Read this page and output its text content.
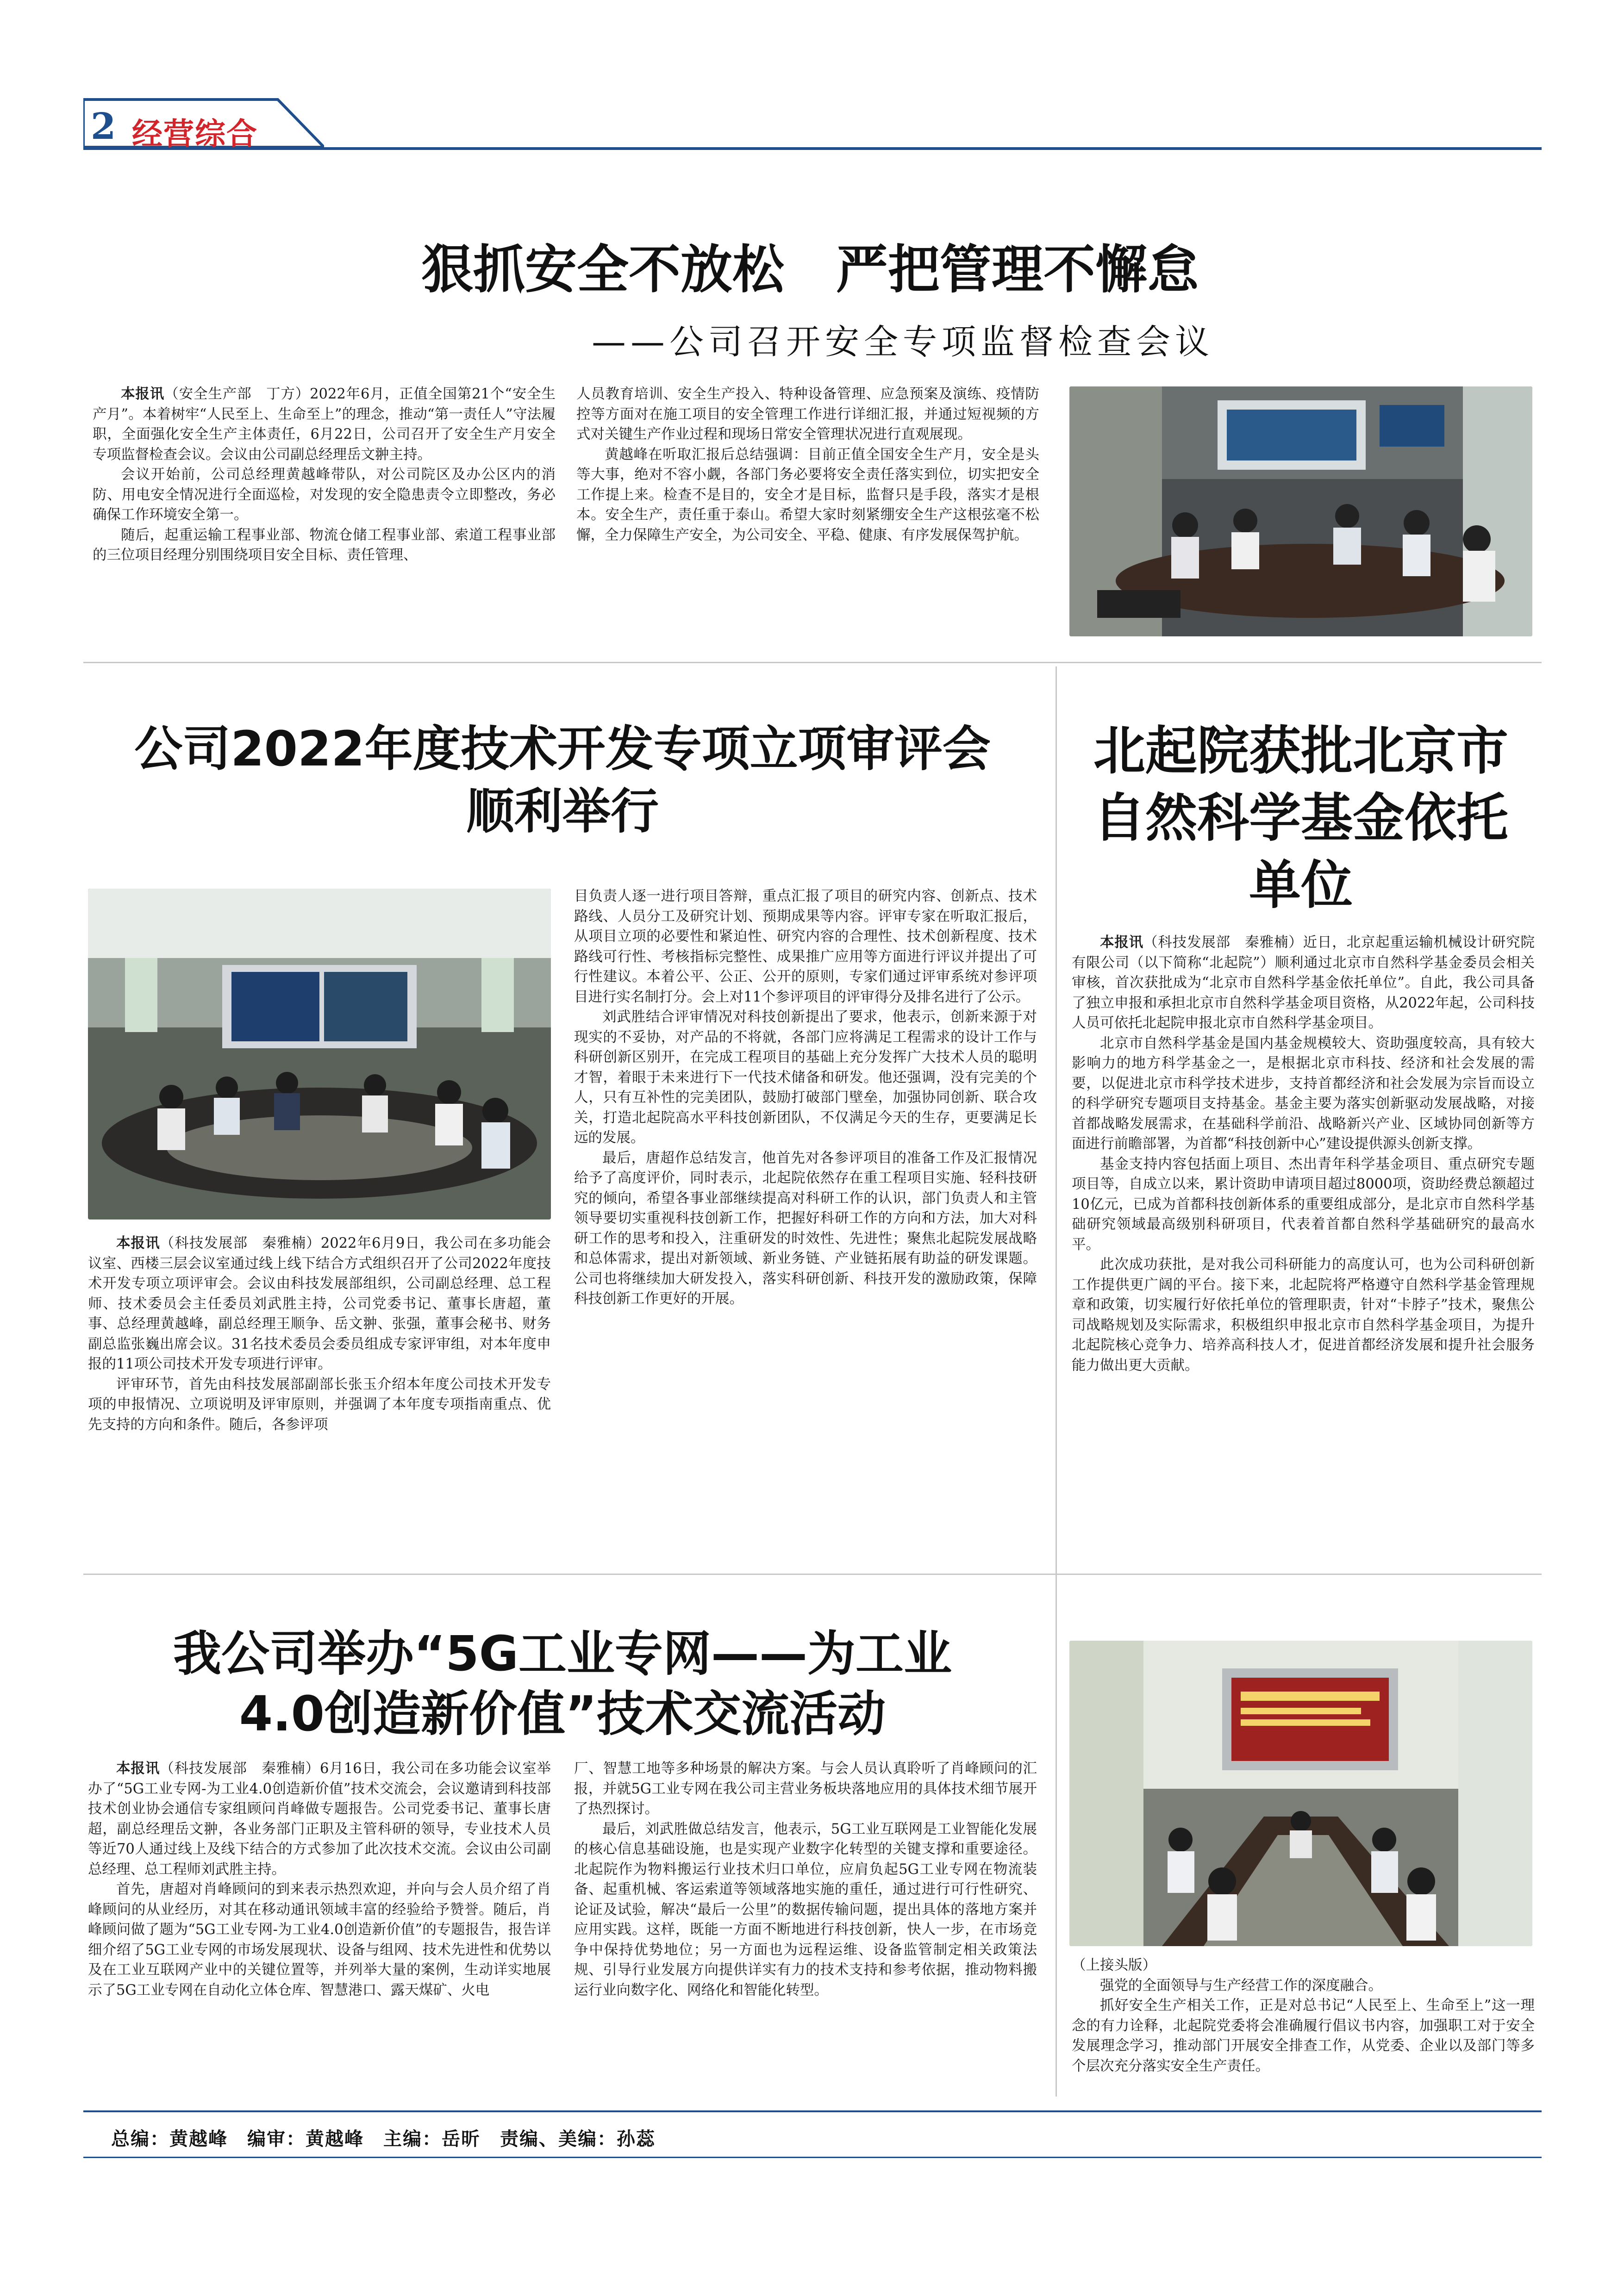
2 经营综合
狠抓安全不放松　严把管理不懈怠
——公司召开安全专项监督检查会议

本报讯（安全生产部　丁方）2022年6月，正值全国第21个“安全生产月”。本着树牢“人民至上、生命至上”的理念，推动“第一责任人”守法履职，全面强化安全生产主体责任，6月22日，公司召开了安全生产月安全专项监督检查会议。会议由公司副总经理岳文翀主持。

会议开始前，公司总经理黄越峰带队，对公司院区及办公区内的消防、用电安全情况进行全面巡检，对发现的安全隐患责令立即整改，务必确保工作环境安全第一。

随后，起重运输工程事业部、物流仓储工程事业部、索道工程事业部的三位项目经理分别围绕项目安全目标、责任管理、

人员教育培训、安全生产投入、特种设备管理、应急预案及演练、疫情防控等方面对在施工项目的安全管理工作进行详细汇报，并通过短视频的方式对关键生产作业过程和现场日常安全管理状况进行直观展现。

黄越峰在听取汇报后总结强调：目前正值全国安全生产月，安全是头等大事，绝对不容小觑，各部门务必要将安全责任落实到位，切实把安全工作提上来。检查不是目的，安全才是目标，监督只是手段，落实才是根本。安全生产，责任重于泰山。希望大家时刻紧绷安全生产这根弦毫不松懈，全力保障生产安全，为公司安全、平稳、健康、有序发展保驾护航。

公司2022年度技术开发专项立项审评会
顺利举行

本报讯（科技发展部　秦雅楠）2022年6月9日，我公司在多功能会议室、西楼三层会议室通过线上线下结合方式组织召开了公司2022年度技术开发专项立项评审会。会议由科技发展部组织，公司副总经理、总工程师、技术委员会主任委员刘武胜主持，公司党委书记、董事长唐超，董事、总经理黄越峰，副总经理王顺争、岳文翀、张强，董事会秘书、财务副总监张巍出席会议。31名技术委员会委员组成专家评审组，对本年度申报的11项公司技术开发专项进行评审。

评审环节，首先由科技发展部副部长张玉介绍本年度公司技术开发专项的申报情况、立项说明及评审原则，并强调了本年度专项指南重点、优先支持的方向和条件。随后，各参评项

目负责人逐一进行项目答辩，重点汇报了项目的研究内容、创新点、技术路线、人员分工及研究计划、预期成果等内容。评审专家在听取汇报后，从项目立项的必要性和紧迫性、研究内容的合理性、技术创新程度、技术路线可行性、考核指标完整性、成果推广应用等方面进行评议并提出了可行性建议。本着公平、公正、公开的原则，专家们通过评审系统对参评项目进行实名制打分。会上对11个参评项目的评审得分及排名进行了公示。

刘武胜结合评审情况对科技创新提出了要求，他表示，创新来源于对现实的不妥协，对产品的不将就，各部门应将满足工程需求的设计工作与科研创新区别开，在完成工程项目的基础上充分发挥广大技术人员的聪明才智，着眼于未来进行下一代技术储备和研发。他还强调，没有完美的个人，只有互补性的完美团队，鼓励打破部门壁垒，加强协同创新、联合攻关，打造北起院高水平科技创新团队，不仅满足今天的生存，更要满足长远的发展。

最后，唐超作总结发言，他首先对各参评项目的准备工作及汇报情况给予了高度评价，同时表示，北起院依然存在重工程项目实施、轻科技研究的倾向，希望各事业部继续提高对科研工作的认识，部门负责人和主管领导要切实重视科技创新工作，把握好科研工作的方向和方法，加大对科研工作的思考和投入，注重研发的时效性、先进性；聚焦北起院发展战略和总体需求，提出对新领域、新业务链、产业链拓展有助益的研发课题。公司也将继续加大研发投入，落实科研创新、科技开发的激励政策，保障科技创新工作更好的开展。

北起院获批北京市
自然科学基金依托
单位

本报讯（科技发展部　秦雅楠）近日，北京起重运输机械设计研究院有限公司（以下简称“北起院”）顺利通过北京市自然科学基金委员会相关审核，首次获批成为“北京市自然科学基金依托单位”。自此，我公司具备了独立申报和承担北京市自然科学基金项目资格，从2022年起，公司科技人员可依托北起院申报北京市自然科学基金项目。

北京市自然科学基金是国内基金规模较大、资助强度较高，具有较大影响力的地方科学基金之一，是根据北京市科技、经济和社会发展的需要，以促进北京市科学技术进步，支持首都经济和社会发展为宗旨而设立的科学研究专题项目支持基金。基金主要为落实创新驱动发展战略，对接首都战略发展需求，在基础科学前沿、战略新兴产业、区域协同创新等方面进行前瞻部署，为首都“科技创新中心”建设提供源头创新支撑。

基金支持内容包括面上项目、杰出青年科学基金项目、重点研究专题项目等，自成立以来，累计资助申请项目超过8000项，资助经费总额超过10亿元，已成为首都科技创新体系的重要组成部分，是北京市自然科学基础研究领域最高级别科研项目，代表着首都自然科学基础研究的最高水平。

此次成功获批，是对我公司科研能力的高度认可，也为公司科研创新工作提供更广阔的平台。接下来，北起院将严格遵守自然科学基金管理规章和政策，切实履行好依托单位的管理职责，针对“卡脖子”技术，聚焦公司战略规划及实际需求，积极组织申报北京市自然科学基金项目，为提升北起院核心竞争力、培养高科技人才，促进首都经济发展和提升社会服务能力做出更大贡献。

我公司举办“5G工业专网——为工业
4.0创造新价值”技术交流活动

本报讯（科技发展部　秦雅楠）6月16日，我公司在多功能会议室举办了“5G工业专网-为工业4.0创造新价值”技术交流会，会议邀请到科技部技术创业协会通信专家组顾问肖峰做专题报告。公司党委书记、董事长唐超，副总经理岳文翀，各业务部门正职及主管科研的领导，专业技术人员等近70人通过线上及线下结合的方式参加了此次技术交流。会议由公司副总经理、总工程师刘武胜主持。

首先，唐超对肖峰顾问的到来表示热烈欢迎，并向与会人员介绍了肖峰顾问的从业经历，对其在移动通讯领域丰富的经验给予赞誉。随后，肖峰顾问做了题为“5G工业专网-为工业4.0创造新价值”的专题报告，报告详细介绍了5G工业专网的市场发展现状、设备与组网、技术先进性和优势以及在工业互联网产业中的关键位置等，并列举大量的案例，生动详实地展示了5G工业专网在自动化立体仓库、智慧港口、露天煤矿、火电

厂、智慧工地等多种场景的解决方案。与会人员认真聆听了肖峰顾问的汇报，并就5G工业专网在我公司主营业务板块落地应用的具体技术细节展开了热烈探讨。

最后，刘武胜做总结发言，他表示，5G工业互联网是工业智能化发展的核心信息基础设施，也是实现产业数字化转型的关键支撑和重要途径。北起院作为物料搬运行业技术归口单位，应肩负起5G工业专网在物流装备、起重机械、客运索道等领域落地实施的重任，通过进行可行性研究、论证及试验，解决“最后一公里”的数据传输问题，提出具体的落地方案并应用实践。这样，既能一方面不断地进行科技创新，快人一步，在市场竞争中保持优势地位；另一方面也为远程运维、设备监管制定相关政策法规、引导行业发展方向提供详实有力的技术支持和参考依据，推动物料搬运行业向数字化、网络化和智能化转型。

（上接头版）

强党的全面领导与生产经营工作的深度融合。

抓好安全生产相关工作，正是对总书记“人民至上、生命至上”这一理念的有力诠释，北起院党委将会准确履行倡议书内容，加强职工对于安全发展理念学习，推动部门开展安全排查工作，从党委、企业以及部门等多个层次充分落实安全生产责任。

总编：黄越峰　编审：黄越峰　主编：岳昕　责编、美编：孙蕊
